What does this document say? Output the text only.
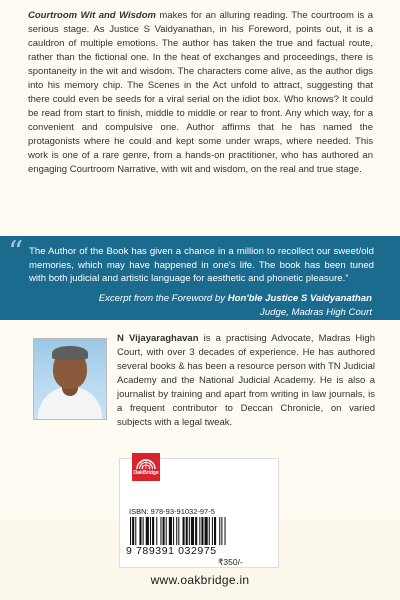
Courtroom Wit and Wisdom makes for an alluring reading. The courtroom is a serious stage. As Justice S Vaidyanathan, in his Foreword, points out, it is a cauldron of multiple emotions. The author has taken the true and factual route, rather than the fictional one. In the heat of exchanges and proceedings, there is spontaneity in the wit and wisdom. The characters come alive, as the author digs into his memory chip. The Scenes in the Act unfold to attract, suggesting that there could even be seeds for a viral serial on the idiot box. Who knows? It could be read from start to finish, middle to middle or rear to front. Any which way, for a convenient and compulsive one. Author affirms that he has named the protagonists where he could and kept some under wraps, where needed. This work is one of a rare genre, from a hands-on practitioner, who has authored an engaging Courtroom Narrative, with wit and wisdom, on the real and true stage.

“ The Author of the Book has given a chance in a million to recollect our sweet/old memories, which may have happened in one's life. The book has been tuned with both judicial and artistic language for aesthetic and phonetic pleasure.”

Excerpt from the Foreword by Hon'ble Justice S Vaidyanathan
Judge, Madras High Court

N Vijayaraghavan is a practising Advocate, Madras High Court, with over 3 decades of experience. He has authored several books & has been a resource person with TN Judicial Academy and the National Judicial Academy. He is also a journalist by training and apart from writing in law journals, is a frequent contributor to Deccan Chronicle, on varied subjects with a legal tweak.

OakBridge
ISBN: 978-93-91032-97-5
9 789391 032975
₹350/-
www.oakbridge.in
